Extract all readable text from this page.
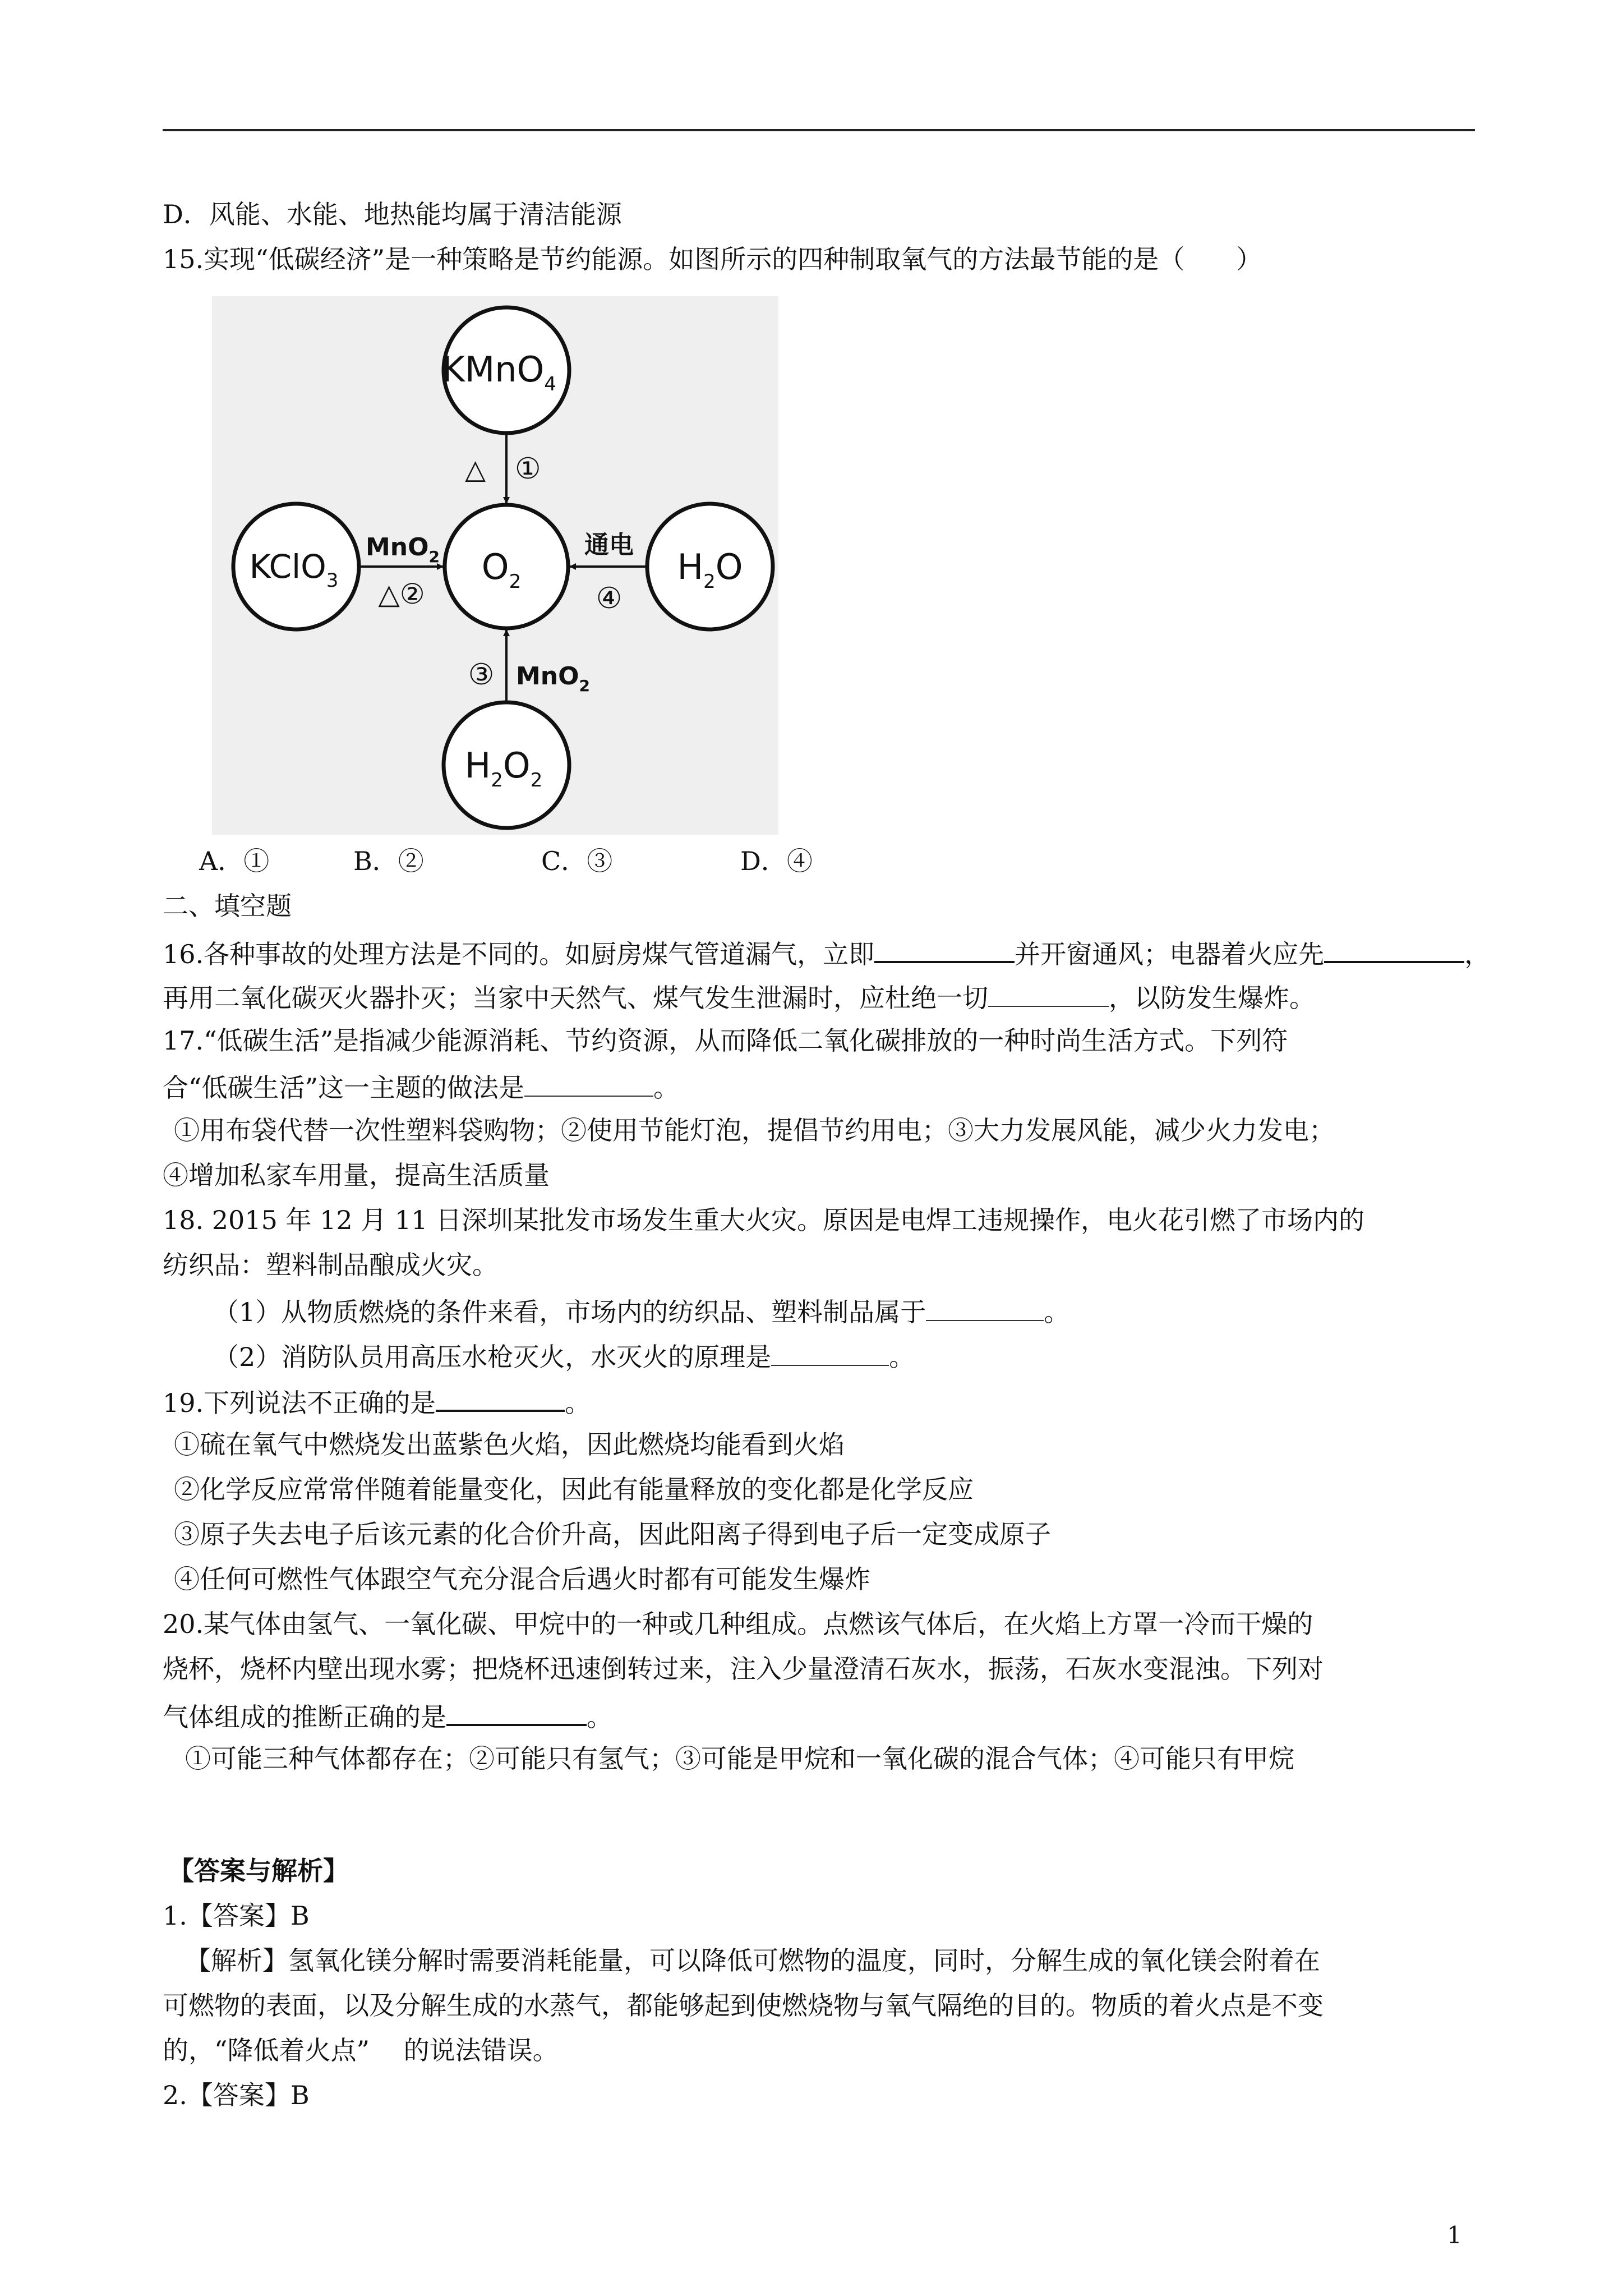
D．风能、水能、地热能均属于清洁能源
15.实现“低碳经济”是一种策略是节约能源。如图所示的四种制取氧气的方法最节能的是（　　）
KMnO$_4$
KClO$_3$	$O_2$	$H_2O$
$H_2O_2$
△ ①
MnO$_2$
△②
通电
④
③ MnO$_2$
A．①	B．②	C．③	D．④
二、填空题
16.各种事故的处理方法是不同的。如厨房煤气管道漏气，立即	并开窗通风；电器着火应先	，
再用二氧化碳灭火器扑灭；当家中天然气、煤气发生泄漏时，应杜绝一切	，以防发生爆炸。
17.“低碳生活”是指减少能源消耗、节约资源，从而降低二氧化碳排放的一种时尚生活方式。下列符
合“低碳生活”这一主题的做法是	。
①用布袋代替一次性塑料袋购物；②使用节能灯泡，提倡节约用电；③大力发展风能，减少火力发电；
④增加私家车用量，提高生活质量
18. 2015 年 12 月 11 日深圳某批发市场发生重大火灾。原因是电焊工违规操作，电火花引燃了市场内的
纺织品：塑料制品酿成火灾。
（1）从物质燃烧的条件来看，市场内的纺织品、塑料制品属于	。
（2）消防队员用高压水枪灭火，水灭火的原理是	。
19.下列说法不正确的是	。
①硫在氧气中燃烧发出蓝紫色火焰，因此燃烧均能看到火焰
②化学反应常常伴随着能量变化，因此有能量释放的变化都是化学反应
③原子失去电子后该元素的化合价升高，因此阳离子得到电子后一定变成原子
④任何可燃性气体跟空气充分混合后遇火时都有可能发生爆炸
20.某气体由氢气、一氧化碳、甲烷中的一种或几种组成。点燃该气体后，在火焰上方罩一冷而干燥的
烧杯，烧杯内壁出现水雾；把烧杯迅速倒转过来，注入少量澄清石灰水，振荡，石灰水变混浊。下列对
气体组成的推断正确的是	。
①可能三种气体都存在；②可能只有氢气；③可能是甲烷和一氧化碳的混合气体；④可能只有甲烷
【答案与解析】
1.【答案】B
【解析】氢氧化镁分解时需要消耗能量，可以降低可燃物的温度，同时，分解生成的氧化镁会附着在
可燃物的表面，以及分解生成的水蒸气，都能够起到使燃烧物与氧气隔绝的目的。物质的着火点是不变
的，“降低着火点”　 的说法错误。
2.【答案】B
1
